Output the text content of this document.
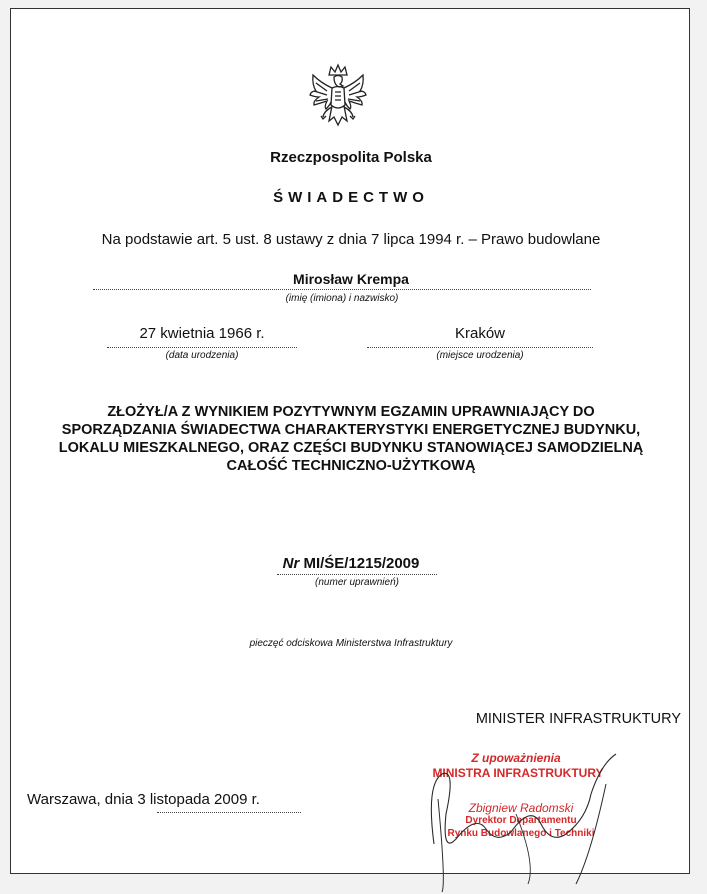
Rzeczpospolita Polska
ŚWIADECTWO
Na podstawie art. 5 ust. 8 ustawy z dnia 7 lipca 1994 r. – Prawo budowlane
Mirosław Krempa
(imię (imiona) i nazwisko)
27 kwietnia 1966 r.
(data urodzenia)
Kraków
(miejsce urodzenia)
ZŁOŻYŁ/A Z WYNIKIEM POZYTYWNYM EGZAMIN UPRAWNIAJĄCY DO
SPORZĄDZANIA ŚWIADECTWA CHARAKTERYSTYKI ENERGETYCZNEJ BUDYNKU,
LOKALU MIESZKALNEGO, ORAZ CZĘŚCI BUDYNKU STANOWIĄCEJ SAMODZIELNĄ
CAŁOŚĆ TECHNICZNO-UŻYTKOWĄ
Nr MI/ŚE/1215/2009
(numer uprawnień)
pieczęć odciskowa Ministerstwa Infrastruktury
MINISTER INFRASTRUKTURY
Warszawa, dnia 3 listopada 2009 r.
Z upoważnienia
MINISTRA INFRASTRUKTURY
Zbigniew Radomski
Dyrektor Departamentu
Rynku Budowlanego i Techniki
